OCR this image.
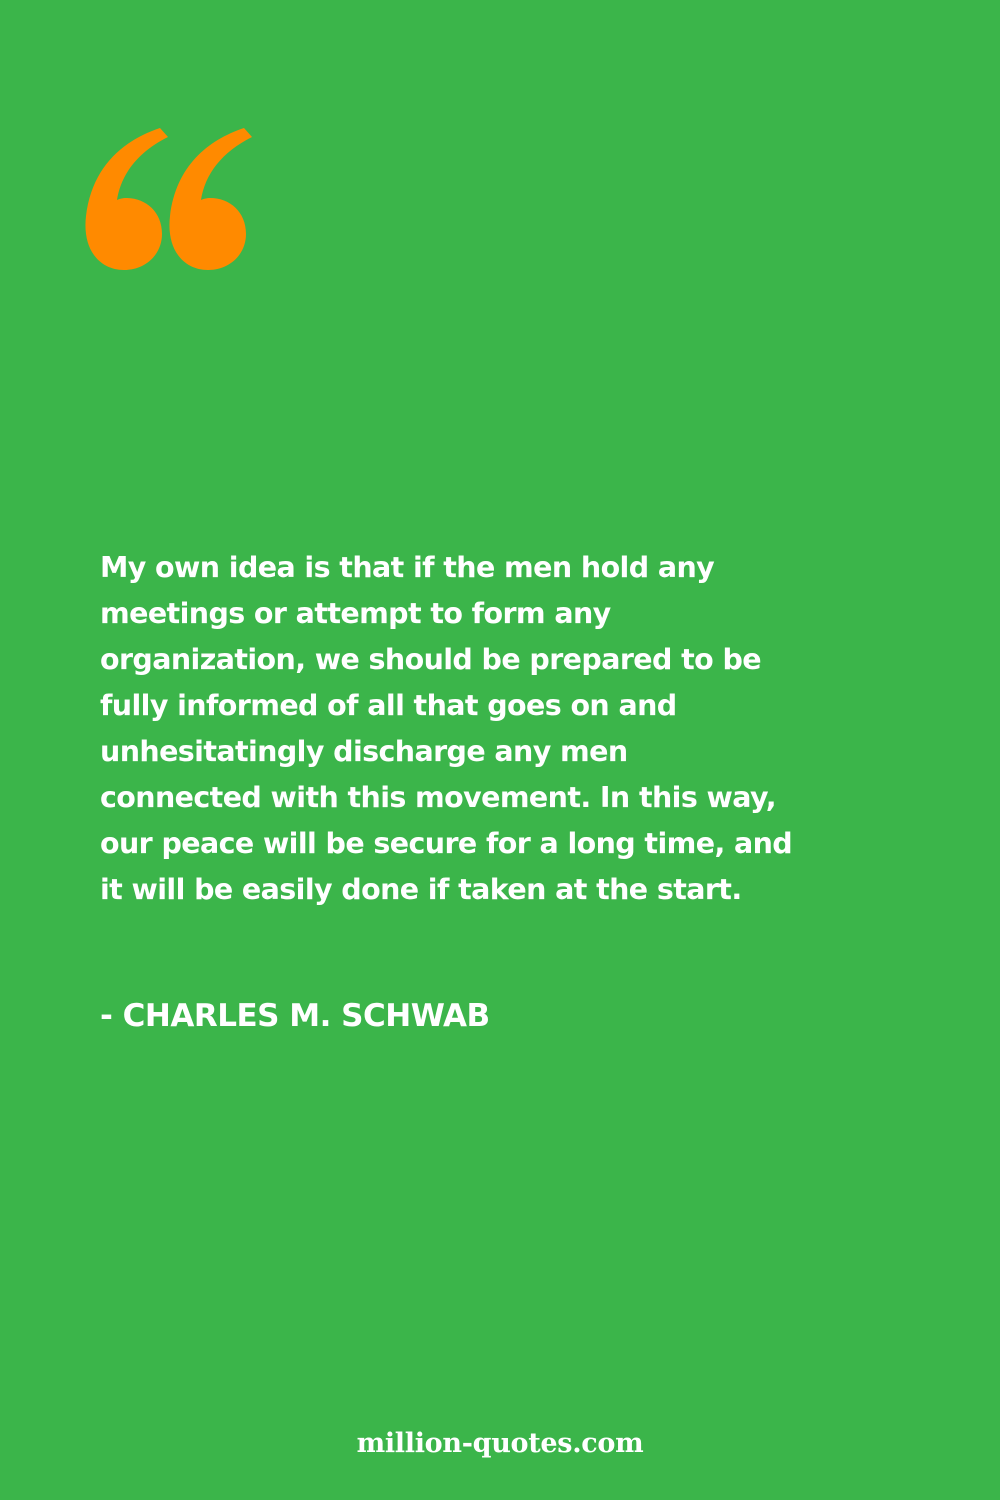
My own idea is that if the men hold any
meetings or attempt to form any
organization, we should be prepared to be
fully informed of all that goes on and
unhesitatingly discharge any men
connected with this movement. In this way,
our peace will be secure for a long time, and
it will be easily done if taken at the start.

- CHARLES M. SCHWAB

million-quotes.com
